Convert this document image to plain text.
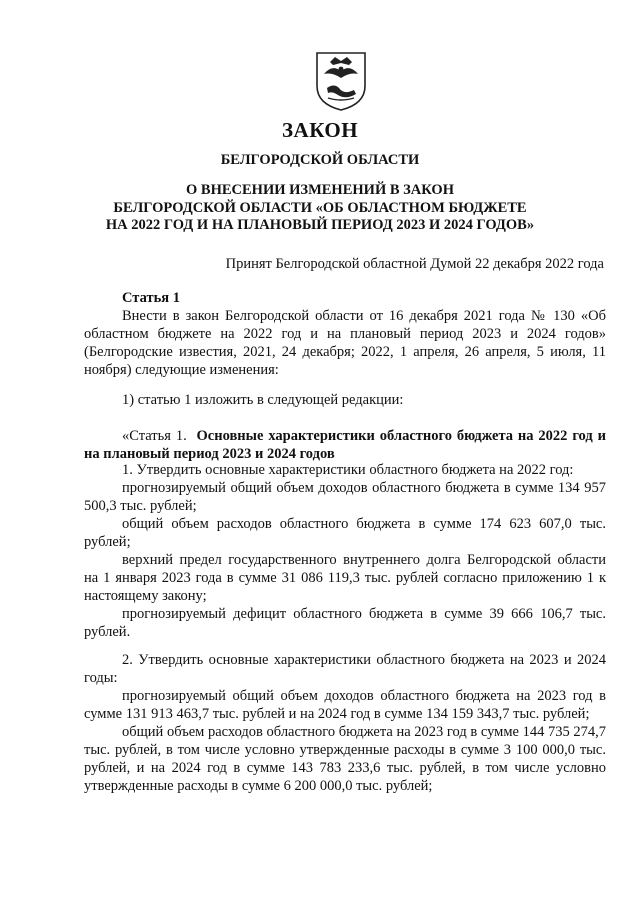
ЗАКОН
БЕЛГОРОДСКОЙ ОБЛАСТИ
О ВНЕСЕНИИ ИЗМЕНЕНИЙ В ЗАКОН
БЕЛГОРОДСКОЙ ОБЛАСТИ «ОБ ОБЛАСТНОМ БЮДЖЕТЕ
НА 2022 ГОД И НА ПЛАНОВЫЙ ПЕРИОД 2023 И 2024 ГОДОВ»
Принят Белгородской областной Думой 22 декабря 2022 года

Статья 1

Внести в закон Белгородской области от 16 декабря 2021 года № 130 «Об областном бюджете на 2022 год и на плановый период 2023 и 2024 годов» (Белгородские известия, 2021, 24 декабря; 2022, 1 апреля, 26 апреля, 5 июля, 11 ноября) следующие изменения:

1) статью 1 изложить в следующей редакции:

«Статья 1. Основные характеристики областного бюджета на 2022 год и на плановый период 2023 и 2024 годов

1. Утвердить основные характеристики областного бюджета на 2022 год:

прогнозируемый общий объем доходов областного бюджета в сумме 134 957 500,3 тыс. рублей;

общий объем расходов областного бюджета в сумме 174 623 607,0 тыс. рублей;

верхний предел государственного внутреннего долга Белгородской области на 1 января 2023 года в сумме 31 086 119,3 тыс. рублей согласно приложению 1 к настоящему закону;

прогнозируемый дефицит областного бюджета в сумме 39 666 106,7 тыс. рублей.

2. Утвердить основные характеристики областного бюджета на 2023 и 2024 годы:

прогнозируемый общий объем доходов областного бюджета на 2023 год в сумме 131 913 463,7 тыс. рублей и на 2024 год в сумме 134 159 343,7 тыс. рублей;

общий объем расходов областного бюджета на 2023 год в сумме 144 735 274,7 тыс. рублей, в том числе условно утвержденные расходы в сумме 3 100 000,0 тыс. рублей, и на 2024 год в сумме 143 783 233,6 тыс. рублей, в том числе условно утвержденные расходы в сумме 6 200 000,0 тыс. рублей;
